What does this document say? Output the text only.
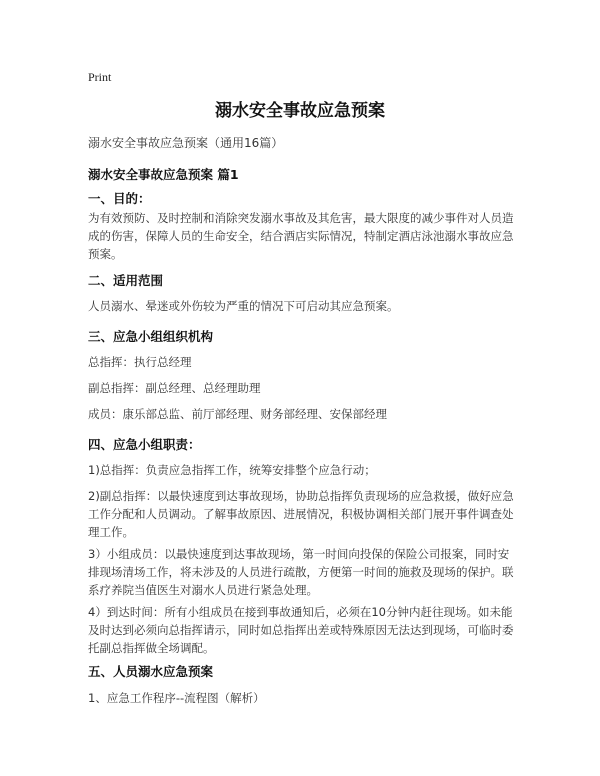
Print
溺水安全事故应急预案
溺水安全事故应急预案（通用16篇）
溺水安全事故应急预案 篇1
一、目的：
为有效预防、及时控制和消除突发溺水事故及其危害，最大限度的减少事件对人员造成的伤害，保障人员的生命安全，结合酒店实际情况，特制定酒店泳池溺水事故应急预案。
二、适用范围
人员溺水、晕迷或外伤较为严重的情况下可启动其应急预案。
三、应急小组组织机构
总指挥：执行总经理
副总指挥：副总经理、总经理助理
成员：康乐部总监、前厅部经理、财务部经理、安保部经理
四、应急小组职责：
1)总指挥：负责应急指挥工作，统筹安排整个应急行动；
2)副总指挥：以最快速度到达事故现场，协助总指挥负责现场的应急救援，做好应急工作分配和人员调动。了解事故原因、进展情况，积极协调相关部门展开事件调查处理工作。
3）小组成员：以最快速度到达事故现场，第一时间向投保的保险公司报案，同时安排现场清场工作，将未涉及的人员进行疏散，方便第一时间的施救及现场的保护。联系疗养院当值医生对溺水人员进行紧急处理。
4）到达时间：所有小组成员在接到事故通知后，必须在10分钟内赶往现场。如未能及时达到必须向总指挥请示，同时如总指挥出差或特殊原因无法达到现场，可临时委托副总指挥做全场调配。
五、人员溺水应急预案
1、应急工作程序--流程图（解析）
